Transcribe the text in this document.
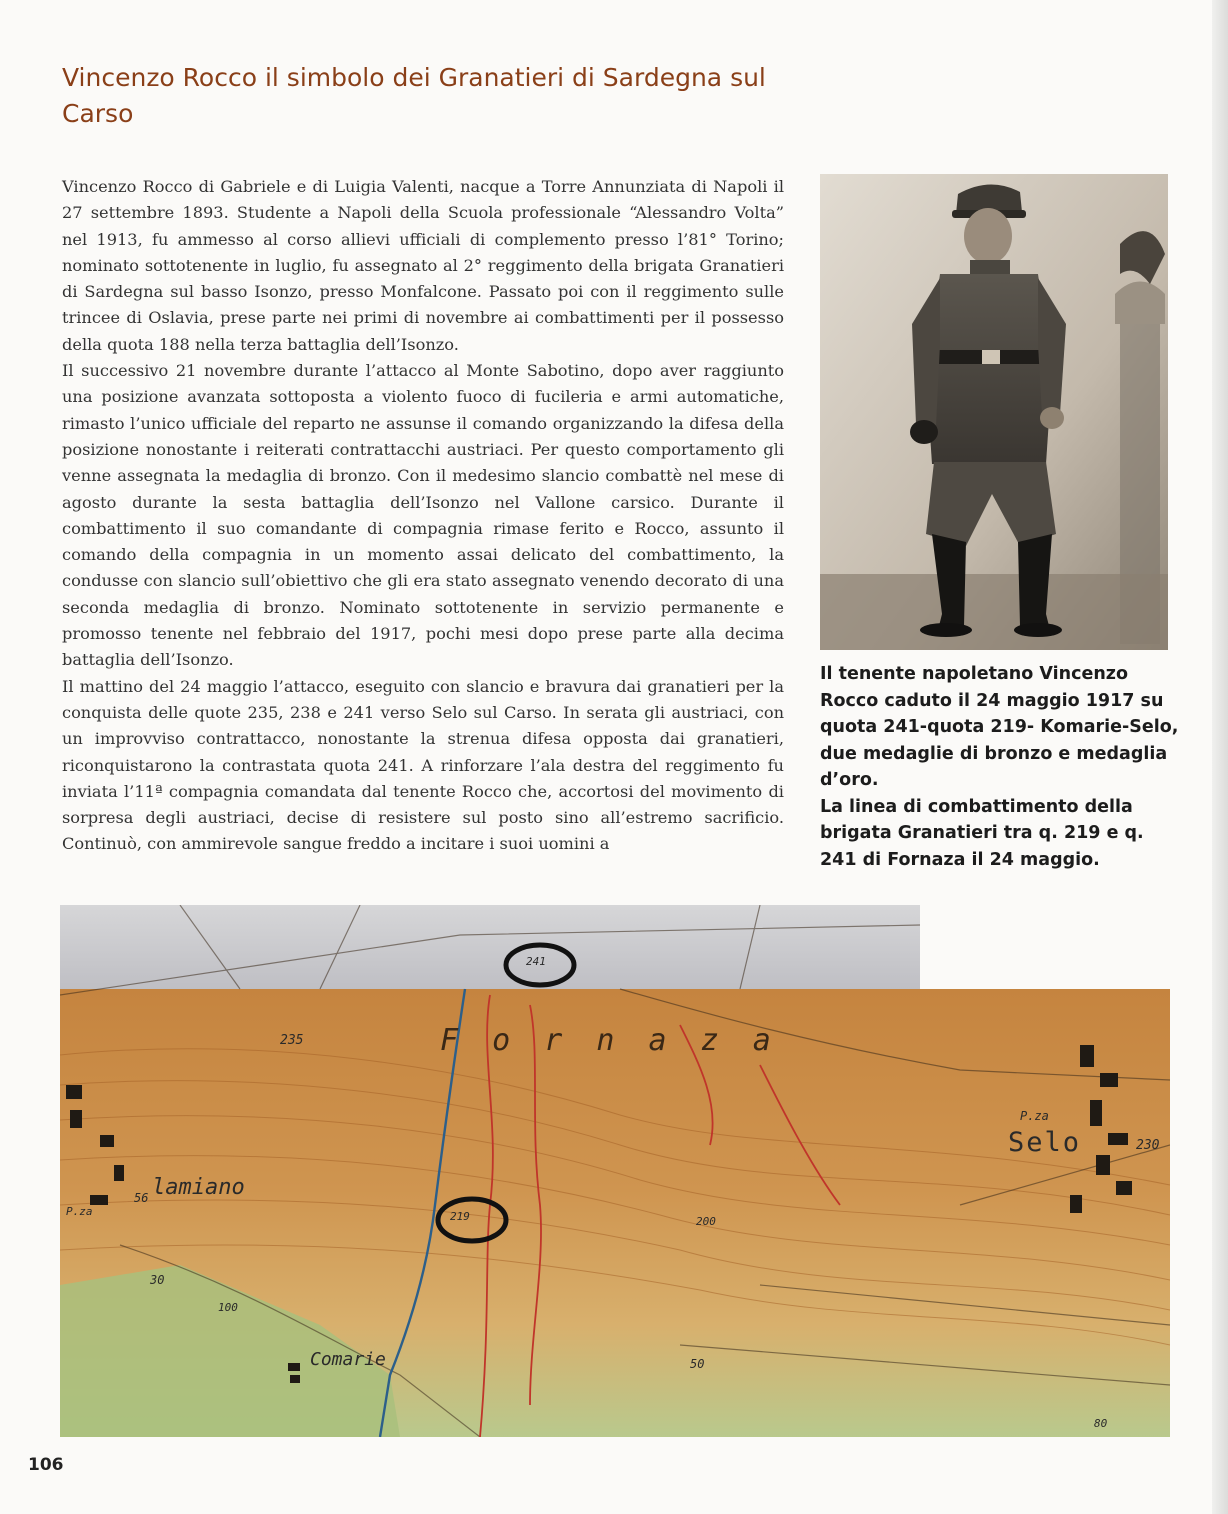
Vincenzo Rocco il simbolo dei Granatieri di Sardegna sul Carso

Vincenzo Rocco di Gabriele e di Luigia Valenti, nacque a Torre Annunziata di Napoli il 27 settembre 1893. Studente a Napoli della Scuola professionale “Alessandro Volta” nel 1913, fu ammesso al corso allievi ufficiali di complemento presso l’81° Torino; nominato sottotenente in luglio, fu assegnato al 2° reggimento della brigata Granatieri di Sardegna sul basso Isonzo, presso Monfalcone. Passato poi con il reggimento sulle trincee di Oslavia, prese parte nei primi di novembre ai combattimenti per il possesso della quota 188 nella terza battaglia dell’Isonzo.

Il successivo 21 novembre durante l’attacco al Monte Sabotino, dopo aver raggiunto una posizione avanzata sottoposta a violento fuoco di fucileria e armi automatiche, rimasto l’unico ufficiale del reparto ne assunse il comando organizzando la difesa della posizione nonostante i reiterati contrattacchi austriaci. Per questo comportamento gli venne assegnata la medaglia di bronzo. Con il medesimo slancio combattè nel mese di agosto durante la sesta battaglia dell’Isonzo nel Vallone carsico. Durante il combattimento il suo comandante di compagnia rimase ferito e Rocco, assunto il comando della compagnia in un momento assai delicato del combattimento, la condusse con slancio sull’obiettivo che gli era stato assegnato venendo decorato di una seconda medaglia di bronzo. Nominato sottotenente in servizio permanente e promosso tenente nel febbraio del 1917, pochi mesi dopo prese parte alla decima battaglia dell’Isonzo.

Il mattino del 24 maggio l’attacco, eseguito con slancio e bravura dai granatieri per la conquista delle quote 235, 238 e 241 verso Selo sul Carso. In serata gli austriaci, con un improvviso contrattacco, nonostante la strenua difesa opposta dai granatieri, riconquistarono la contrastata quota 241. A rinforzare l’ala destra del reggimento fu inviata l’11ª compagnia comandata dal tenente Rocco che, accortosi del movimento di sorpresa degli austriaci, decise di resistere sul posto sino all’estremo sacrificio. Continuò, con ammirevole sangue freddo a incitare i suoi uomini a

Il tenente napoletano Vincenzo Rocco caduto il 24 maggio 1917 su quota 241-quota 219- Komarie-Selo, due medaglie di bronzo e medaglia d’oro.

La linea di combattimento della brigata Granatieri tra q. 219 e q. 241 di Fornaza il 24 maggio.

Selo
F o r n a z a
lamiano
Comarie
235
230
219
241
56
30
50
100
200
80
P.za
P.za
106
